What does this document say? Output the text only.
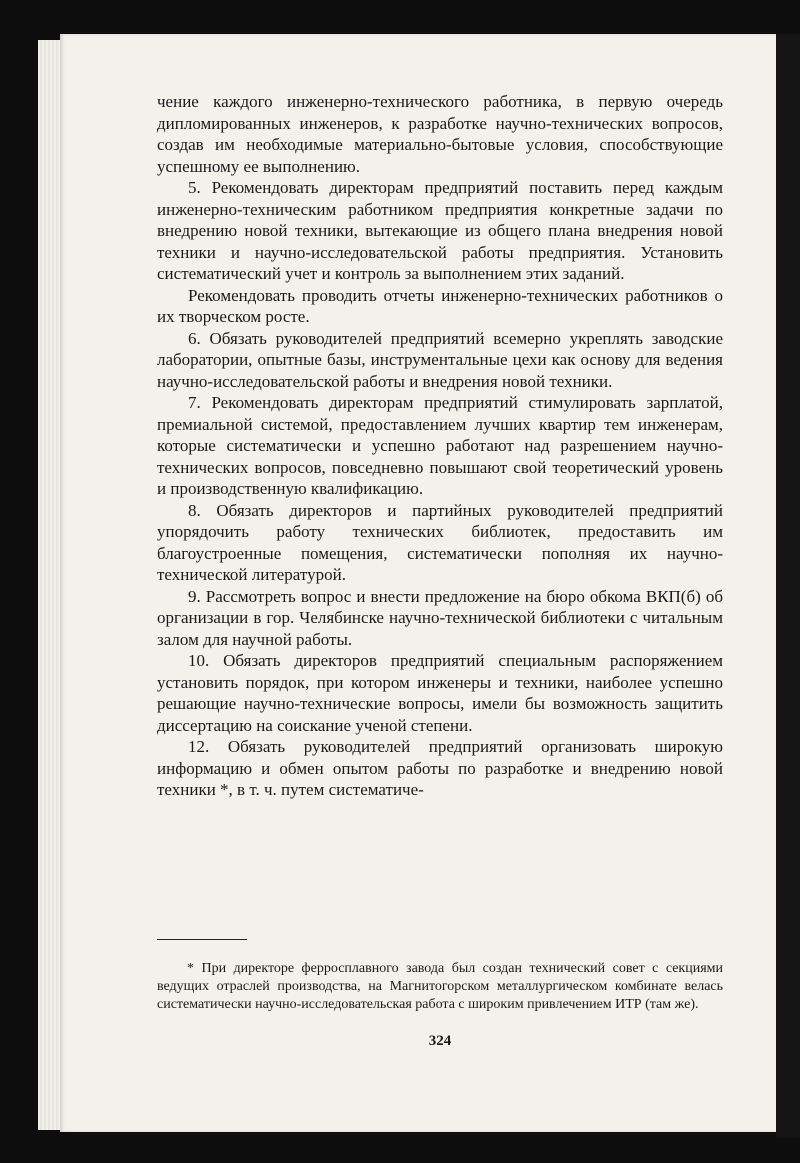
чение каждого инженерно-технического работника, в первую очередь дипломированных инженеров, к разработке научно-технических вопросов, создав им необходимые материально-бытовые условия, способствующие успешному ее выполнению.

5. Рекомендовать директорам предприятий поставить перед каждым инженерно-техническим работником предприятия конкретные задачи по внедрению новой техники, вытекающие из общего плана внедрения новой техники и научно-исследовательской работы предприятия. Установить систематический учет и контроль за выполнением этих заданий.

Рекомендовать проводить отчеты инженерно-технических работников о их творческом росте.

6. Обязать руководителей предприятий всемерно укреплять заводские лаборатории, опытные базы, инструментальные цехи как основу для ведения научно-исследовательской работы и внедрения новой техники.

7. Рекомендовать директорам предприятий стимулировать зарплатой, премиальной системой, предоставлением лучших квартир тем инженерам, которые систематически и успешно работают над разрешением научно-технических вопросов, повседневно повышают свой теоретический уровень и производственную квалификацию.

8. Обязать директоров и партийных руководителей предприятий упорядочить работу технических библиотек, предоставить им благоустроенные помещения, систематически пополняя их научно-технической литературой.

9. Рассмотреть вопрос и внести предложение на бюро обкома ВКП(б) об организации в гор. Челябинске научно-технической библиотеки с читальным залом для научной работы.

10. Обязать директоров предприятий специальным распоряжением установить порядок, при котором инженеры и техники, наиболее успешно решающие научно-технические вопросы, имели бы возможность защитить диссертацию на соискание ученой степени.

12. Обязать руководителей предприятий организовать широкую информацию и обмен опытом работы по разработке и внедрению новой техники *, в т. ч. путем систематиче-

* При директоре ферросплавного завода был создан технический совет с секциями ведущих отраслей производства, на Магнитогорском металлургическом комбинате велась систематически научно-исследовательская работа с широким привлечением ИТР (там же).

324
